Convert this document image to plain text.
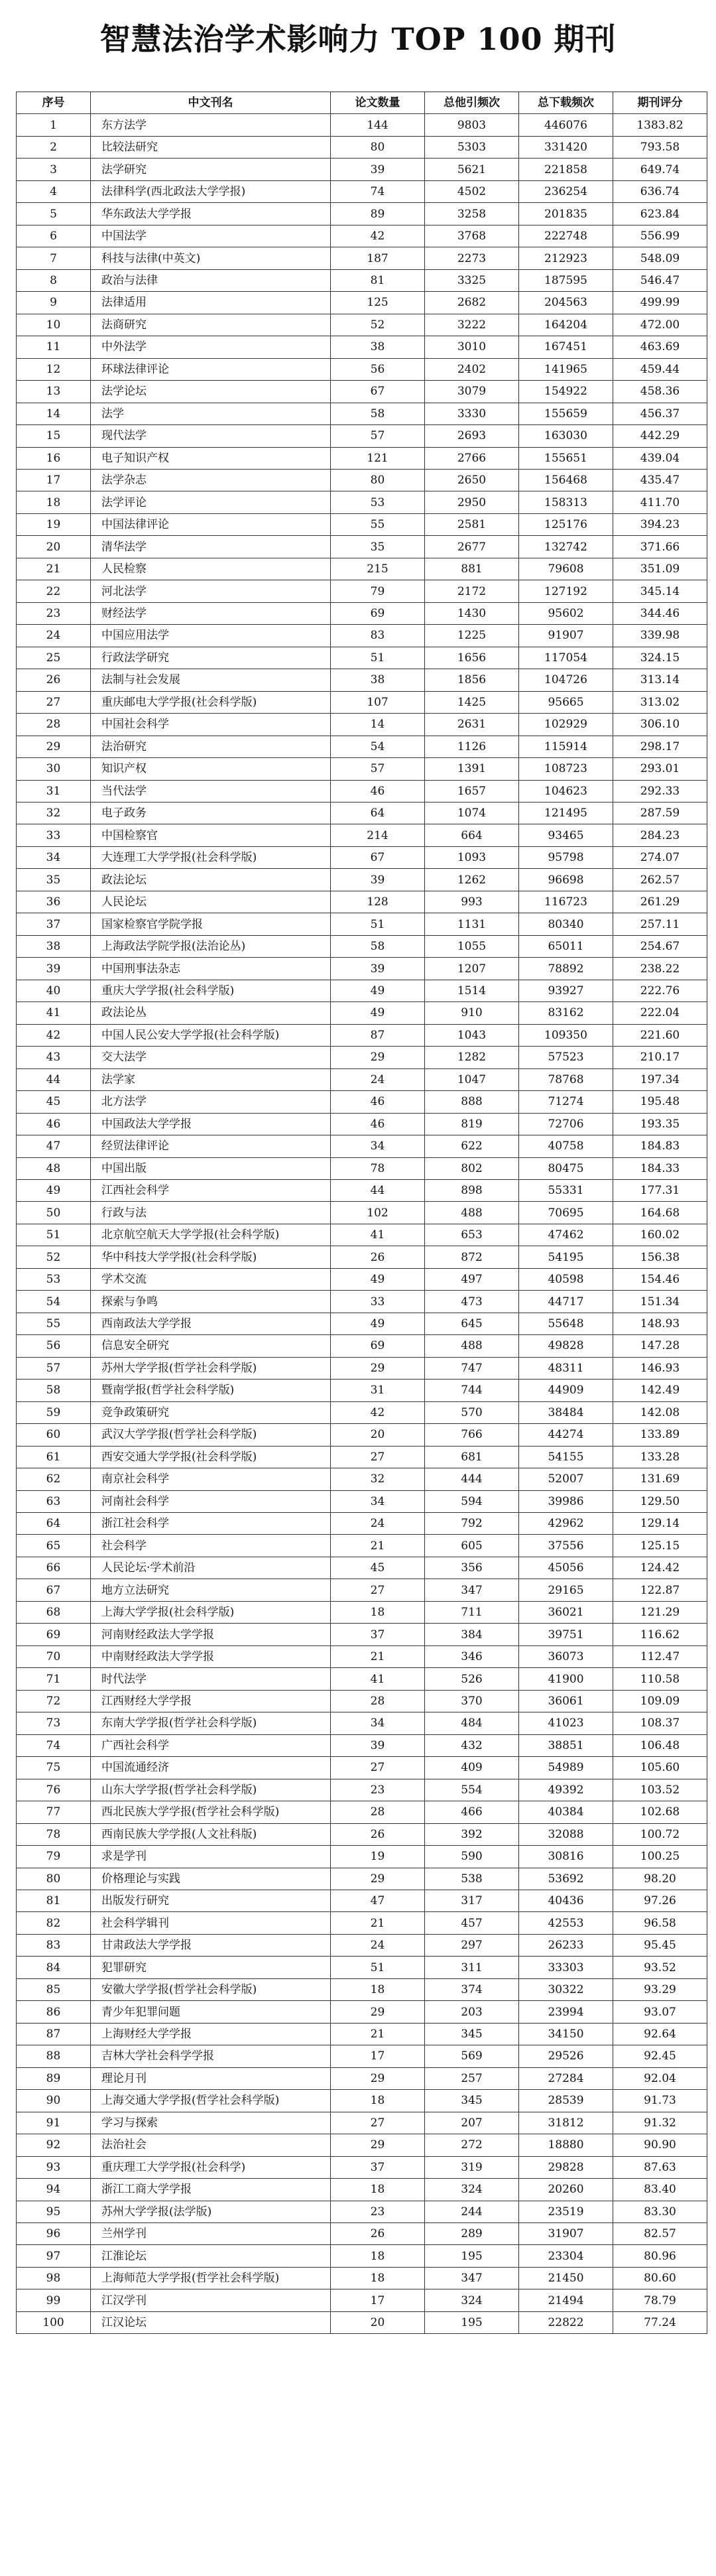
智慧法治学术影响力 TOP 100 期刊
序号	中文刊名	论文数量	总他引频次	总下载频次	期刊评分
1	东方法学	144	9803	446076	1383.82
2	比较法研究	80	5303	331420	793.58
3	法学研究	39	5621	221858	649.74
4	法律科学(西北政法大学学报)	74	4502	236254	636.74
5	华东政法大学学报	89	3258	201835	623.84
6	中国法学	42	3768	222748	556.99
7	科技与法律(中英文)	187	2273	212923	548.09
8	政治与法律	81	3325	187595	546.47
9	法律适用	125	2682	204563	499.99
10	法商研究	52	3222	164204	472.00
11	中外法学	38	3010	167451	463.69
12	环球法律评论	56	2402	141965	459.44
13	法学论坛	67	3079	154922	458.36
14	法学	58	3330	155659	456.37
15	现代法学	57	2693	163030	442.29
16	电子知识产权	121	2766	155651	439.04
17	法学杂志	80	2650	156468	435.47
18	法学评论	53	2950	158313	411.70
19	中国法律评论	55	2581	125176	394.23
20	清华法学	35	2677	132742	371.66
21	人民检察	215	881	79608	351.09
22	河北法学	79	2172	127192	345.14
23	财经法学	69	1430	95602	344.46
24	中国应用法学	83	1225	91907	339.98
25	行政法学研究	51	1656	117054	324.15
26	法制与社会发展	38	1856	104726	313.14
27	重庆邮电大学学报(社会科学版)	107	1425	95665	313.02
28	中国社会科学	14	2631	102929	306.10
29	法治研究	54	1126	115914	298.17
30	知识产权	57	1391	108723	293.01
31	当代法学	46	1657	104623	292.33
32	电子政务	64	1074	121495	287.59
33	中国检察官	214	664	93465	284.23
34	大连理工大学学报(社会科学版)	67	1093	95798	274.07
35	政法论坛	39	1262	96698	262.57
36	人民论坛	128	993	116723	261.29
37	国家检察官学院学报	51	1131	80340	257.11
38	上海政法学院学报(法治论丛)	58	1055	65011	254.67
39	中国刑事法杂志	39	1207	78892	238.22
40	重庆大学学报(社会科学版)	49	1514	93927	222.76
41	政法论丛	49	910	83162	222.04
42	中国人民公安大学学报(社会科学版)	87	1043	109350	221.60
43	交大法学	29	1282	57523	210.17
44	法学家	24	1047	78768	197.34
45	北方法学	46	888	71274	195.48
46	中国政法大学学报	46	819	72706	193.35
47	经贸法律评论	34	622	40758	184.83
48	中国出版	78	802	80475	184.33
49	江西社会科学	44	898	55331	177.31
50	行政与法	102	488	70695	164.68
51	北京航空航天大学学报(社会科学版)	41	653	47462	160.02
52	华中科技大学学报(社会科学版)	26	872	54195	156.38
53	学术交流	49	497	40598	154.46
54	探索与争鸣	33	473	44717	151.34
55	西南政法大学学报	49	645	55648	148.93
56	信息安全研究	69	488	49828	147.28
57	苏州大学学报(哲学社会科学版)	29	747	48311	146.93
58	暨南学报(哲学社会科学版)	31	744	44909	142.49
59	竞争政策研究	42	570	38484	142.08
60	武汉大学学报(哲学社会科学版)	20	766	44274	133.89
61	西安交通大学学报(社会科学版)	27	681	54155	133.28
62	南京社会科学	32	444	52007	131.69
63	河南社会科学	34	594	39986	129.50
64	浙江社会科学	24	792	42962	129.14
65	社会科学	21	605	37556	125.15
66	人民论坛·学术前沿	45	356	45056	124.42
67	地方立法研究	27	347	29165	122.87
68	上海大学学报(社会科学版)	18	711	36021	121.29
69	河南财经政法大学学报	37	384	39751	116.62
70	中南财经政法大学学报	21	346	36073	112.47
71	时代法学	41	526	41900	110.58
72	江西财经大学学报	28	370	36061	109.09
73	东南大学学报(哲学社会科学版)	34	484	41023	108.37
74	广西社会科学	39	432	38851	106.48
75	中国流通经济	27	409	54989	105.60
76	山东大学学报(哲学社会科学版)	23	554	49392	103.52
77	西北民族大学学报(哲学社会科学版)	28	466	40384	102.68
78	西南民族大学学报(人文社科版)	26	392	32088	100.72
79	求是学刊	19	590	30816	100.25
80	价格理论与实践	29	538	53692	98.20
81	出版发行研究	47	317	40436	97.26
82	社会科学辑刊	21	457	42553	96.58
83	甘肃政法大学学报	24	297	26233	95.45
84	犯罪研究	51	311	33303	93.52
85	安徽大学学报(哲学社会科学版)	18	374	30322	93.29
86	青少年犯罪问题	29	203	23994	93.07
87	上海财经大学学报	21	345	34150	92.64
88	吉林大学社会科学学报	17	569	29526	92.45
89	理论月刊	29	257	27284	92.04
90	上海交通大学学报(哲学社会科学版)	18	345	28539	91.73
91	学习与探索	27	207	31812	91.32
92	法治社会	29	272	18880	90.90
93	重庆理工大学学报(社会科学)	37	319	29828	87.63
94	浙江工商大学学报	18	324	20260	83.40
95	苏州大学学报(法学版)	23	244	23519	83.30
96	兰州学刊	26	289	31907	82.57
97	江淮论坛	18	195	23304	80.96
98	上海师范大学学报(哲学社会科学版)	18	347	21450	80.60
99	江汉学刊	17	324	21494	78.79
100	江汉论坛	20	195	22822	77.24
